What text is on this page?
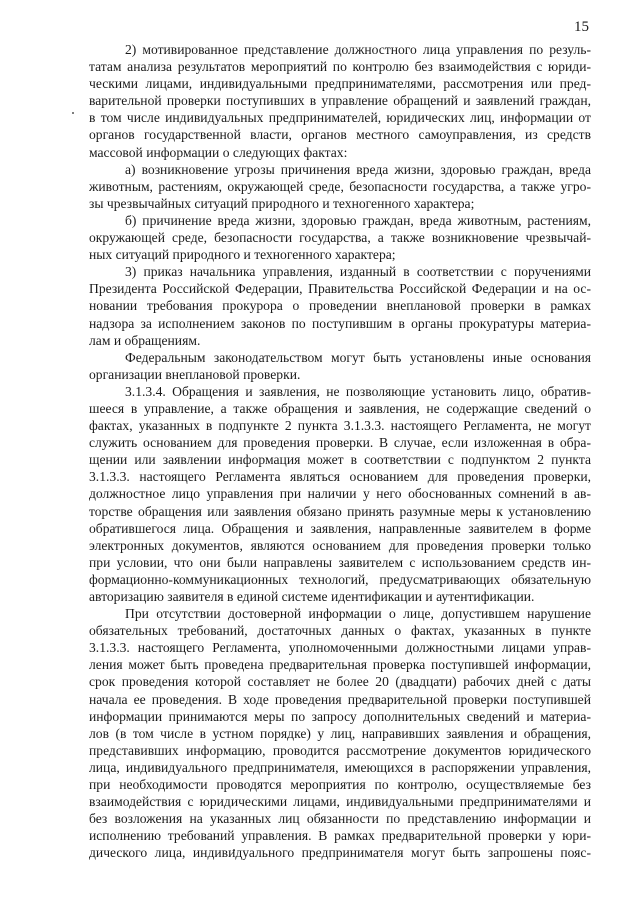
15
2) мотивированное представление должностного лица управления по резуль-
татам анализа результатов мероприятий по контролю без взаимодействия с юриди-
ческими лицами, индивидуальными предпринимателями, рассмотрения или пред-
варительной проверки поступивших в управление обращений и заявлений граждан,
в том числе индивидуальных предпринимателей, юридических лиц, информации от
органов государственной власти, органов местного самоуправления, из средств
массовой информации о следующих фактах:
а) возникновение угрозы причинения вреда жизни, здоровью граждан, вреда
животным, растениям, окружающей среде, безопасности государства, а также угро-
зы чрезвычайных ситуаций природного и техногенного характера;
б) причинение вреда жизни, здоровью граждан, вреда животным, растениям,
окружающей среде, безопасности государства, а также возникновение чрезвычай-
ных ситуаций природного и техногенного характера;
3) приказ начальника управления, изданный в соответствии с поручениями
Президента Российской Федерации, Правительства Российской Федерации и на ос-
новании требования прокурора о проведении внеплановой проверки в рамках
надзора за исполнением законов по поступившим в органы прокуратуры материа-
лам и обращениям.
Федеральным законодательством могут быть установлены иные основания
организации внеплановой проверки.
3.1.3.4. Обращения и заявления, не позволяющие установить лицо, обратив-
шееся в управление, а также обращения и заявления, не содержащие сведений о
фактах, указанных в подпункте 2 пункта 3.1.3.3. настоящего Регламента, не могут
служить основанием для проведения проверки. В случае, если изложенная в обра-
щении или заявлении информация может в соответствии с подпунктом 2 пункта
3.1.3.3. настоящего Регламента являться основанием для проведения проверки,
должностное лицо управления при наличии у него обоснованных сомнений в ав-
торстве обращения или заявления обязано принять разумные меры к установлению
обратившегося лица. Обращения и заявления, направленные заявителем в форме
электронных документов, являются основанием для проведения проверки только
при условии, что они были направлены заявителем с использованием средств ин-
формационно-коммуникационных технологий, предусматривающих обязательную
авторизацию заявителя в единой системе идентификации и аутентификации.
При отсутствии достоверной информации о лице, допустившем нарушение
обязательных требований, достаточных данных о фактах, указанных в пункте
3.1.3.3. настоящего Регламента, уполномоченными должностными лицами управ-
ления может быть проведена предварительная проверка поступившей информации,
срок проведения которой составляет не более 20 (двадцати) рабочих дней с даты
начала ее проведения. В ходе проведения предварительной проверки поступившей
информации принимаются меры по запросу дополнительных сведений и материа-
лов (в том числе в устном порядке) у лиц, направивших заявления и обращения,
представивших информацию, проводится рассмотрение документов юридического
лица, индивидуального предпринимателя, имеющихся в распоряжении управления,
при необходимости проводятся мероприятия по контролю, осуществляемые без
взаимодействия с юридическими лицами, индивидуальными предпринимателями и
без возложения на указанных лиц обязанности по представлению информации и
исполнению требований управления. В рамках предварительной проверки у юри-
дического лица, индивидуального предпринимателя могут быть запрошены пояс-
